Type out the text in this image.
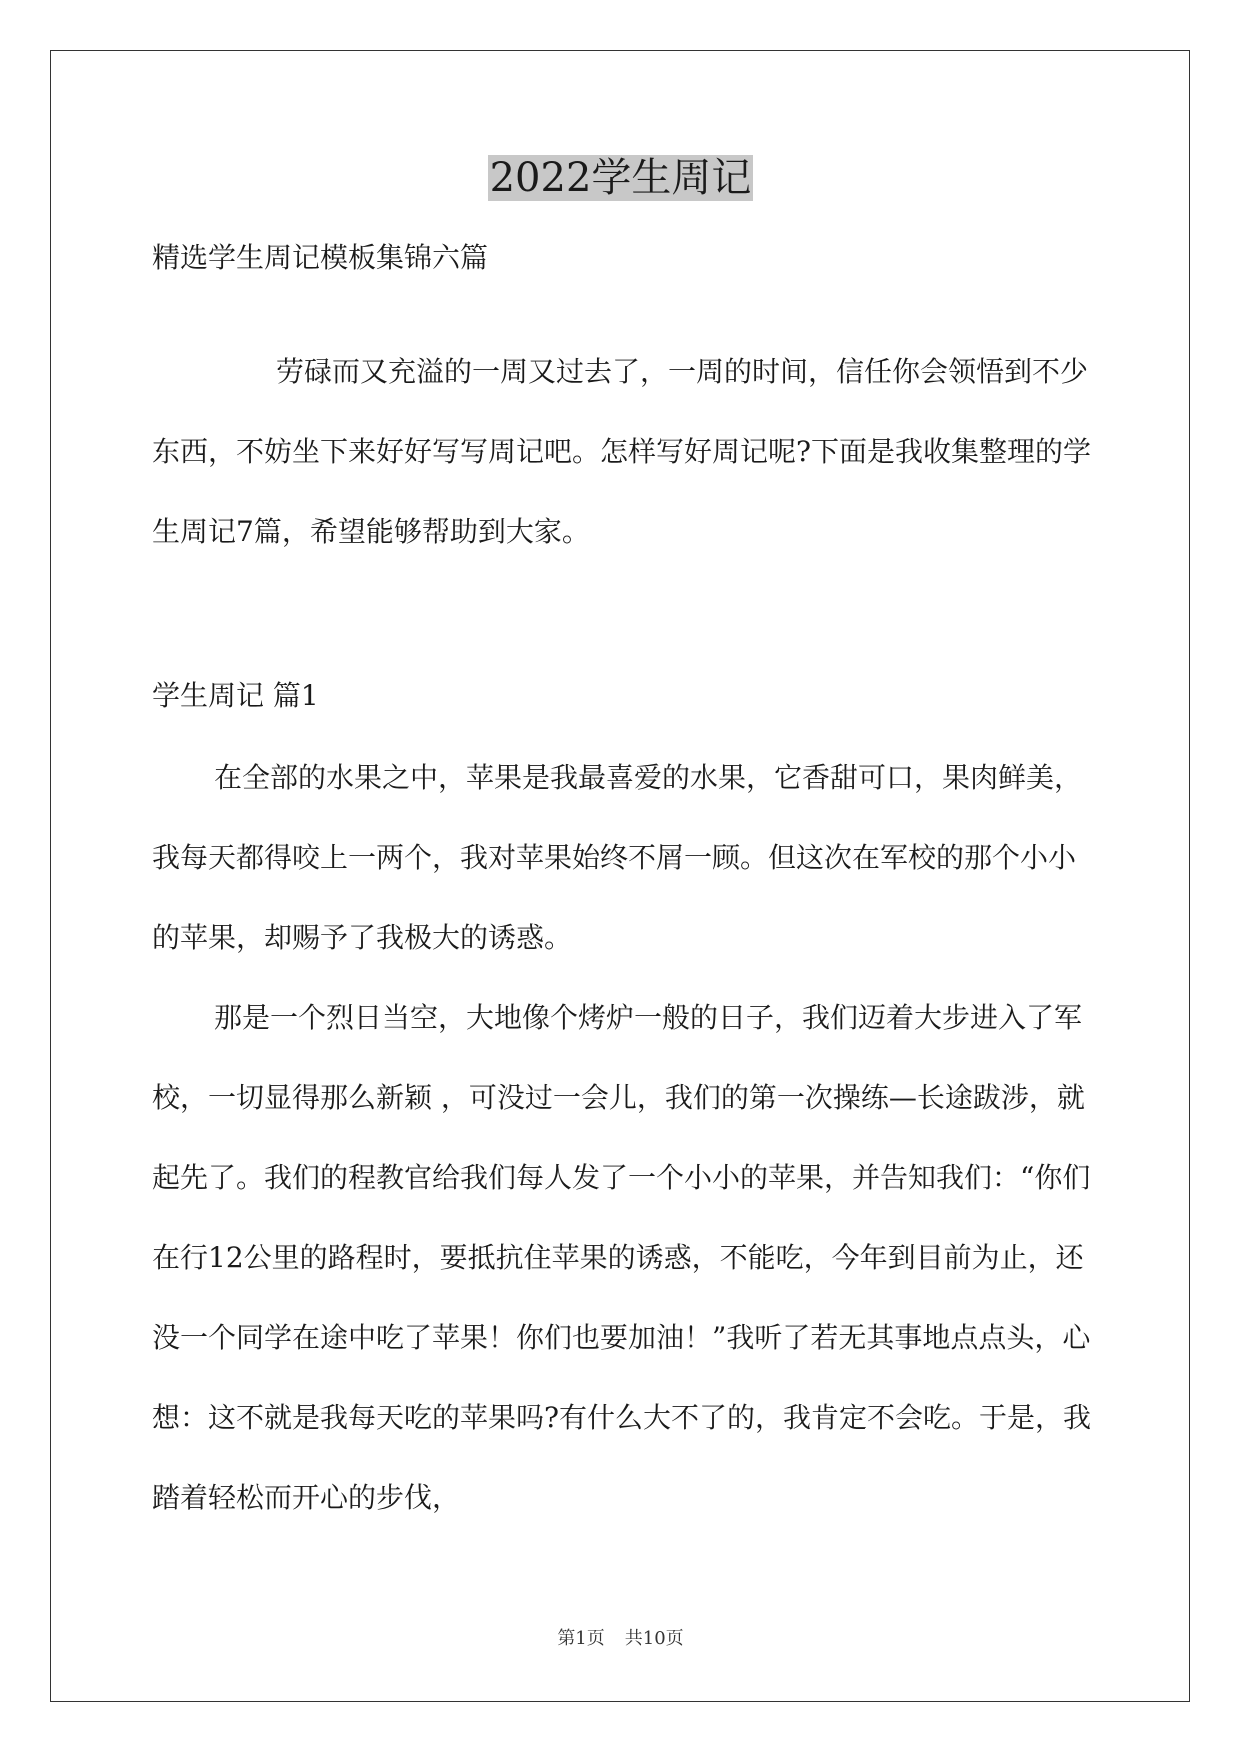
2022学生周记
精选学生周记模板集锦六篇

劳碌而又充溢的一周又过去了，一周的时间，信任你会领悟到不少东西，不妨坐下来好好写写周记吧。怎样写好周记呢?下面是我收集整理的学生周记7篇，希望能够帮助到大家。

学生周记 篇1

在全部的水果之中，苹果是我最喜爱的水果，它香甜可口，果肉鲜美，我每天都得咬上一两个，我对苹果始终不屑一顾。但这次在军校的那个小小的苹果，却赐予了我极大的诱惑。

那是一个烈日当空，大地像个烤炉一般的日子，我们迈着大步进入了军校，一切显得那么新颖 ，可没过一会儿，我们的第一次操练—长途跋涉，就起先了。我们的程教官给我们每人发了一个小小的苹果，并告知我们：“你们在行12公里的路程时，要抵抗住苹果的诱惑，不能吃，今年到目前为止，还没一个同学在途中吃了苹果！你们也要加油！”我听了若无其事地点点头，心想：这不就是我每天吃的苹果吗?有什么大不了的，我肯定不会吃。于是，我踏着轻松而开心的步伐，

第1页 共10页
